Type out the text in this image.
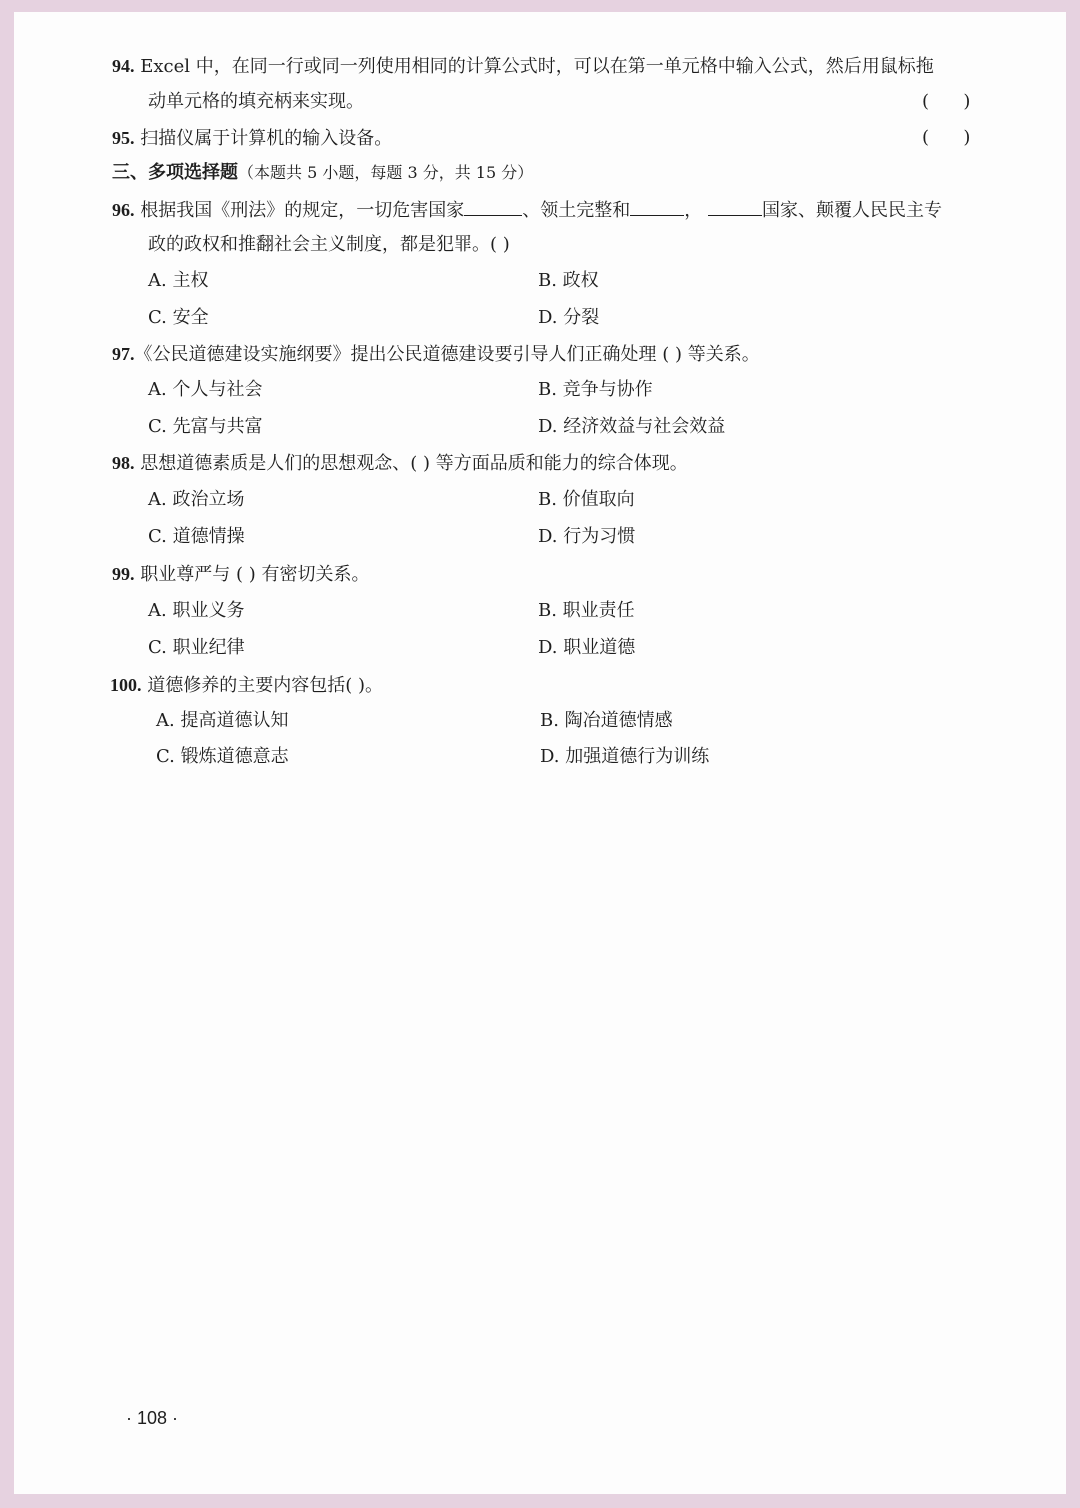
94. Excel 中，在同一行或同一列使用相同的计算公式时，可以在第一单元格中输入公式，然后用鼠标拖
动单元格的填充柄来实现。	(      )
95. 扫描仪属于计算机的输入设备。	(      )
三、多项选择题（本题共 5 小题，每题 3 分，共 15 分）
96. 根据我国《刑法》的规定，一切危害国家	、领土完整和	，	国家、颠覆人民民主专
政的政权和推翻社会主义制度，都是犯罪。( )
A. 主权	B. 政权
C. 安全	D. 分裂
97.《公民道德建设实施纲要》提出公民道德建设要引导人们正确处理 ( ) 等关系。
A. 个人与社会	B. 竞争与协作
C. 先富与共富	D. 经济效益与社会效益
98. 思想道德素质是人们的思想观念、( ) 等方面品质和能力的综合体现。
A. 政治立场	B. 价值取向
C. 道德情操	D. 行为习惯
99. 职业尊严与 ( ) 有密切关系。
A. 职业义务	B. 职业责任
C. 职业纪律	D. 职业道德
100. 道德修养的主要内容包括( )。
A. 提高道德认知	B. 陶冶道德情感
C. 锻炼道德意志	D. 加强道德行为训练
· 108 ·
